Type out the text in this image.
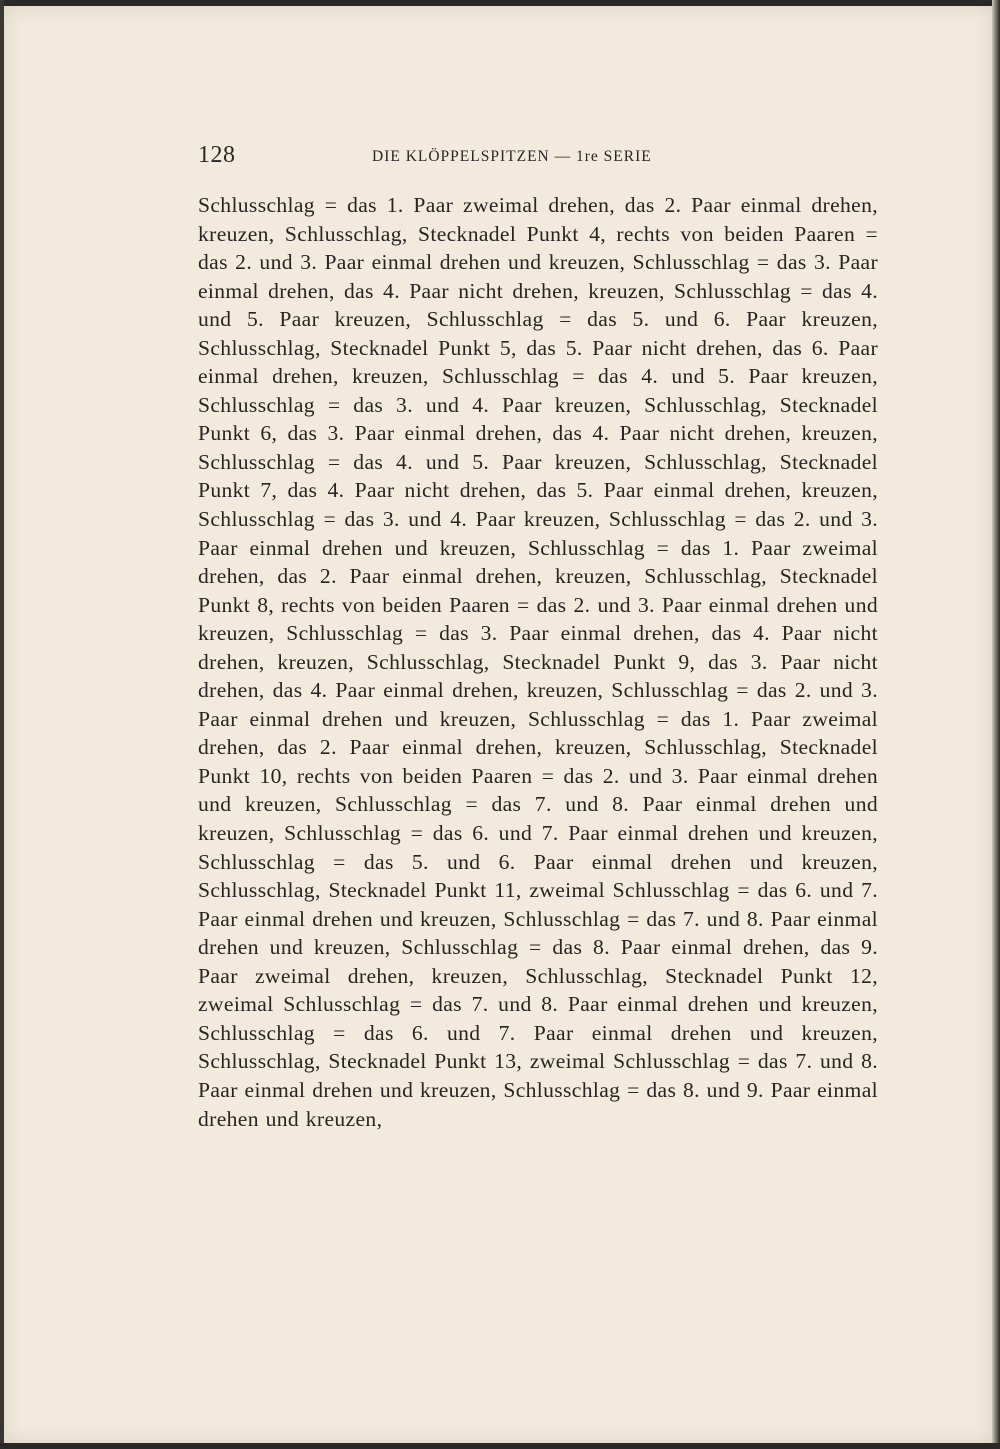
128	DIE KLÖPPELSPITZEN — 1re SERIE

Schlusschlag = das 1. Paar zweimal drehen, das 2. Paar einmal drehen, kreuzen, Schlusschlag, Stecknadel Punkt 4, rechts von beiden Paaren = das 2. und 3. Paar einmal drehen und kreuzen, Schlusschlag = das 3. Paar einmal drehen, das 4. Paar nicht drehen, kreuzen, Schlusschlag = das 4. und 5. Paar kreuzen, Schlusschlag = das 5. und 6. Paar kreuzen, Schlusschlag, Stecknadel Punkt 5, das 5. Paar nicht drehen, das 6. Paar einmal drehen, kreuzen, Schlusschlag = das 4. und 5. Paar kreuzen, Schlusschlag = das 3. und 4. Paar kreuzen, Schlusschlag, Stecknadel Punkt 6, das 3. Paar einmal drehen, das 4. Paar nicht drehen, kreuzen, Schlusschlag = das 4. und 5. Paar kreuzen, Schlusschlag, Stecknadel Punkt 7, das 4. Paar nicht drehen, das 5. Paar einmal drehen, kreuzen, Schlusschlag = das 3. und 4. Paar kreuzen, Schlusschlag = das 2. und 3. Paar einmal drehen und kreuzen, Schlusschlag = das 1. Paar zweimal drehen, das 2. Paar einmal drehen, kreuzen, Schlusschlag, Stecknadel Punkt 8, rechts von beiden Paaren = das 2. und 3. Paar einmal drehen und kreuzen, Schlusschlag = das 3. Paar einmal drehen, das 4. Paar nicht drehen, kreuzen, Schlusschlag, Stecknadel Punkt 9, das 3. Paar nicht drehen, das 4. Paar einmal drehen, kreuzen, Schlusschlag = das 2. und 3. Paar einmal drehen und kreuzen, Schlusschlag = das 1. Paar zweimal drehen, das 2. Paar einmal drehen, kreuzen, Schlusschlag, Stecknadel Punkt 10, rechts von beiden Paaren = das 2. und 3. Paar einmal drehen und kreuzen, Schlusschlag = das 7. und 8. Paar einmal drehen und kreuzen, Schlusschlag = das 6. und 7. Paar einmal drehen und kreuzen, Schlusschlag = das 5. und 6. Paar einmal drehen und kreuzen, Schlusschlag, Stecknadel Punkt 11, zweimal Schlusschlag = das 6. und 7. Paar einmal drehen und kreuzen, Schlusschlag = das 7. und 8. Paar einmal drehen und kreuzen, Schlusschlag = das 8. Paar einmal drehen, das 9. Paar zweimal drehen, kreuzen, Schlusschlag, Stecknadel Punkt 12, zweimal Schlusschlag = das 7. und 8. Paar einmal drehen und kreuzen, Schlusschlag = das 6. und 7. Paar einmal drehen und kreuzen, Schlusschlag, Stecknadel Punkt 13, zweimal Schlusschlag = das 7. und 8. Paar einmal drehen und kreuzen, Schlusschlag = das 8. und 9. Paar einmal drehen und kreuzen,
